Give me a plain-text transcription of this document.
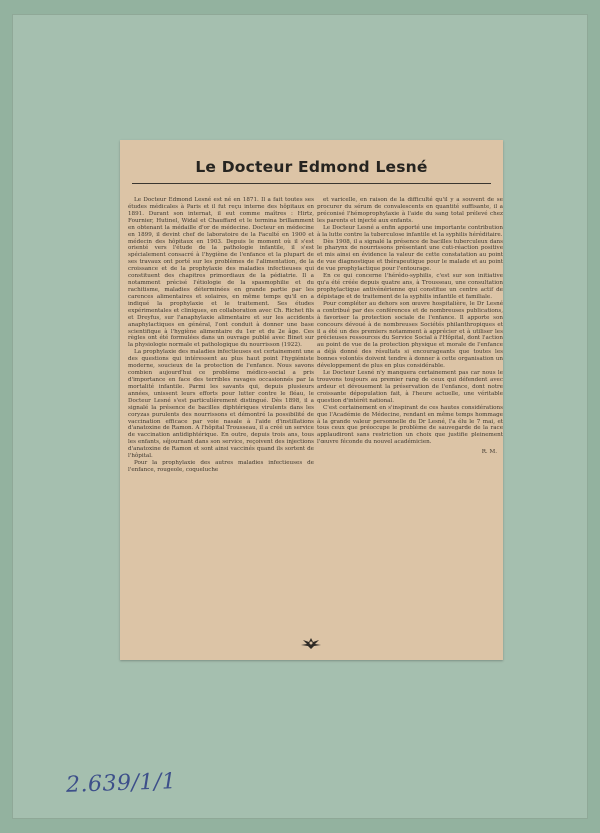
Le Docteur Edmond Lesné

Le Docteur Edmond Lesné est né en 1871. Il a fait toutes ses études médicales à Paris et il fut reçu interne des hôpitaux en 1891. Durant son internat, il eut comme maîtres : Hirtz, Fournier, Hutinel, Widal et Chauffard et le termina brillamment en obtenant la médaille d'or de médecine. Docteur en médecine en 1899, il devint chef de laboratoire de la Faculté en 1900 et médecin des hôpitaux en 1903. Depuis le moment où il s'est orienté vers l'étude de la pathologie infantile, il s'est spécialement consacré à l'hygiène de l'enfance et la plupart de ses travaux ont porté sur les problèmes de l'alimentation, de la croissance et de la prophylaxie des maladies infectieuses qui constituent des chapitres primordiaux de la pédiatrie. Il a notamment précisé l'étiologie de la spasmophilie et du rachitisme, maladies déterminées en grande partie par les carences alimentaires et solaires, en même temps qu'il en a indiqué la prophylaxie et le traitement. Ses études expérimentales et cliniques, en collaboration avec Ch. Richet fils et Dreyfus, sur l'anaphylaxie alimentaire et sur les accidents anaphylactiques en général, l'ont conduit à donner une base scientifique à l'hygiène alimentaire du 1er et du 2e âge. Ces règles ont été formulées dans un ouvrage publié avec Binet sur la physiologie normale et pathologique du nourrisson (1922).

La prophylaxie des maladies infectieuses est certainement une des questions qui intéressent au plus haut point l'hygiéniste moderne, soucieux de la protection de l'enfance. Nous savons combien aujourd'hui ce problème médico-social a pris d'importance en face des terribles ravages occasionnés par la mortalité infantile. Parmi les savants qui, depuis plusieurs années, unissent leurs efforts pour lutter contre le fléau, le Docteur Lesné s'est particulièrement distingué. Dès 1898, il a signalé la présence de bacilles diphtériques virulents dans les coryzas purulents des nourrissons et démontré la possibilité de vaccination efficace par voie nasale à l'aide d'instillations d'anatoxine de Ramon. A l'hôpital Trousseau, il a créé un service de vaccination antidiphtérique. En outre, depuis trois ans, tous les enfants, séjournant dans son service, reçoivent des injections d'anatoxine de Ramon et sont ainsi vaccinés quand ils sortent de l'hôpital.

Pour la prophylaxie des autres maladies infectieuses de l'enfance, rougeole, coqueluche

et varicelle, en raison de la difficulté qu'il y a souvent de se procurer du sérum de convalescents en quantité suffisante, il a préconisé l'hémoprophylaxie à l'aide du sang total prélevé chez les parents et injecté aux enfants.

Le Docteur Lesné a enfin apporté une importante contribution à la lutte contre la tuberculose infantile et la syphilis héréditaire.

Dès 1908, il a signalé la présence de bacilles tuberculeux dans le pharynx de nourrissons présentant une cuti-réaction positive et mis ainsi en évidence la valeur de cette constatation au point de vue diagnostique et thérapeutique pour le malade et au point de vue prophylactique pour l'entourage.

En ce qui concerne l'hérédo-syphilis, c'est sur son initiative qu'a été créée depuis quatre ans, à Trousseau, une consultation prophylactique antivénérienne qui constitue un centre actif de dépistage et de traitement de la syphilis infantile et familiale.

Pour compléter au dehors son œuvre hospitalière, le Dr Lesné a contribué par des conférences et de nombreuses publications, à favoriser la protection sociale de l'enfance. Il apporte son concours dévoué à de nombreuses Sociétés philanthropiques et il a été un des premiers notamment à apprécier et à utiliser les précieuses ressources du Service Social à l'Hôpital, dont l'action au point de vue de la protection physique et morale de l'enfance a déjà donné des résultats si encourageants que toutes les bonnes volontés doivent tendre à donner à cette organisation un développement de plus en plus considérable.

Le Docteur Lesné n'y manquera certainement pas car nous le trouvons toujours au premier rang de ceux qui défendent avec ardeur et dévouement la préservation de l'enfance, dont notre croissante dépopulation fait, à l'heure actuelle, une véritable question d'intérêt national.

C'est certainement en s'inspirant de ces hautes considérations que l'Académie de Médecine, rendant en même temps hommage à la grande valeur personnelle du Dr Lesné, l'a élu le 7 mai, et tous ceux que préoccupe le problème de sauvegarde de la race applaudiront sans restriction un choix que justifie pleinement l'œuvre féconde du nouvel académicien.

R. M.

2.639/1/1
